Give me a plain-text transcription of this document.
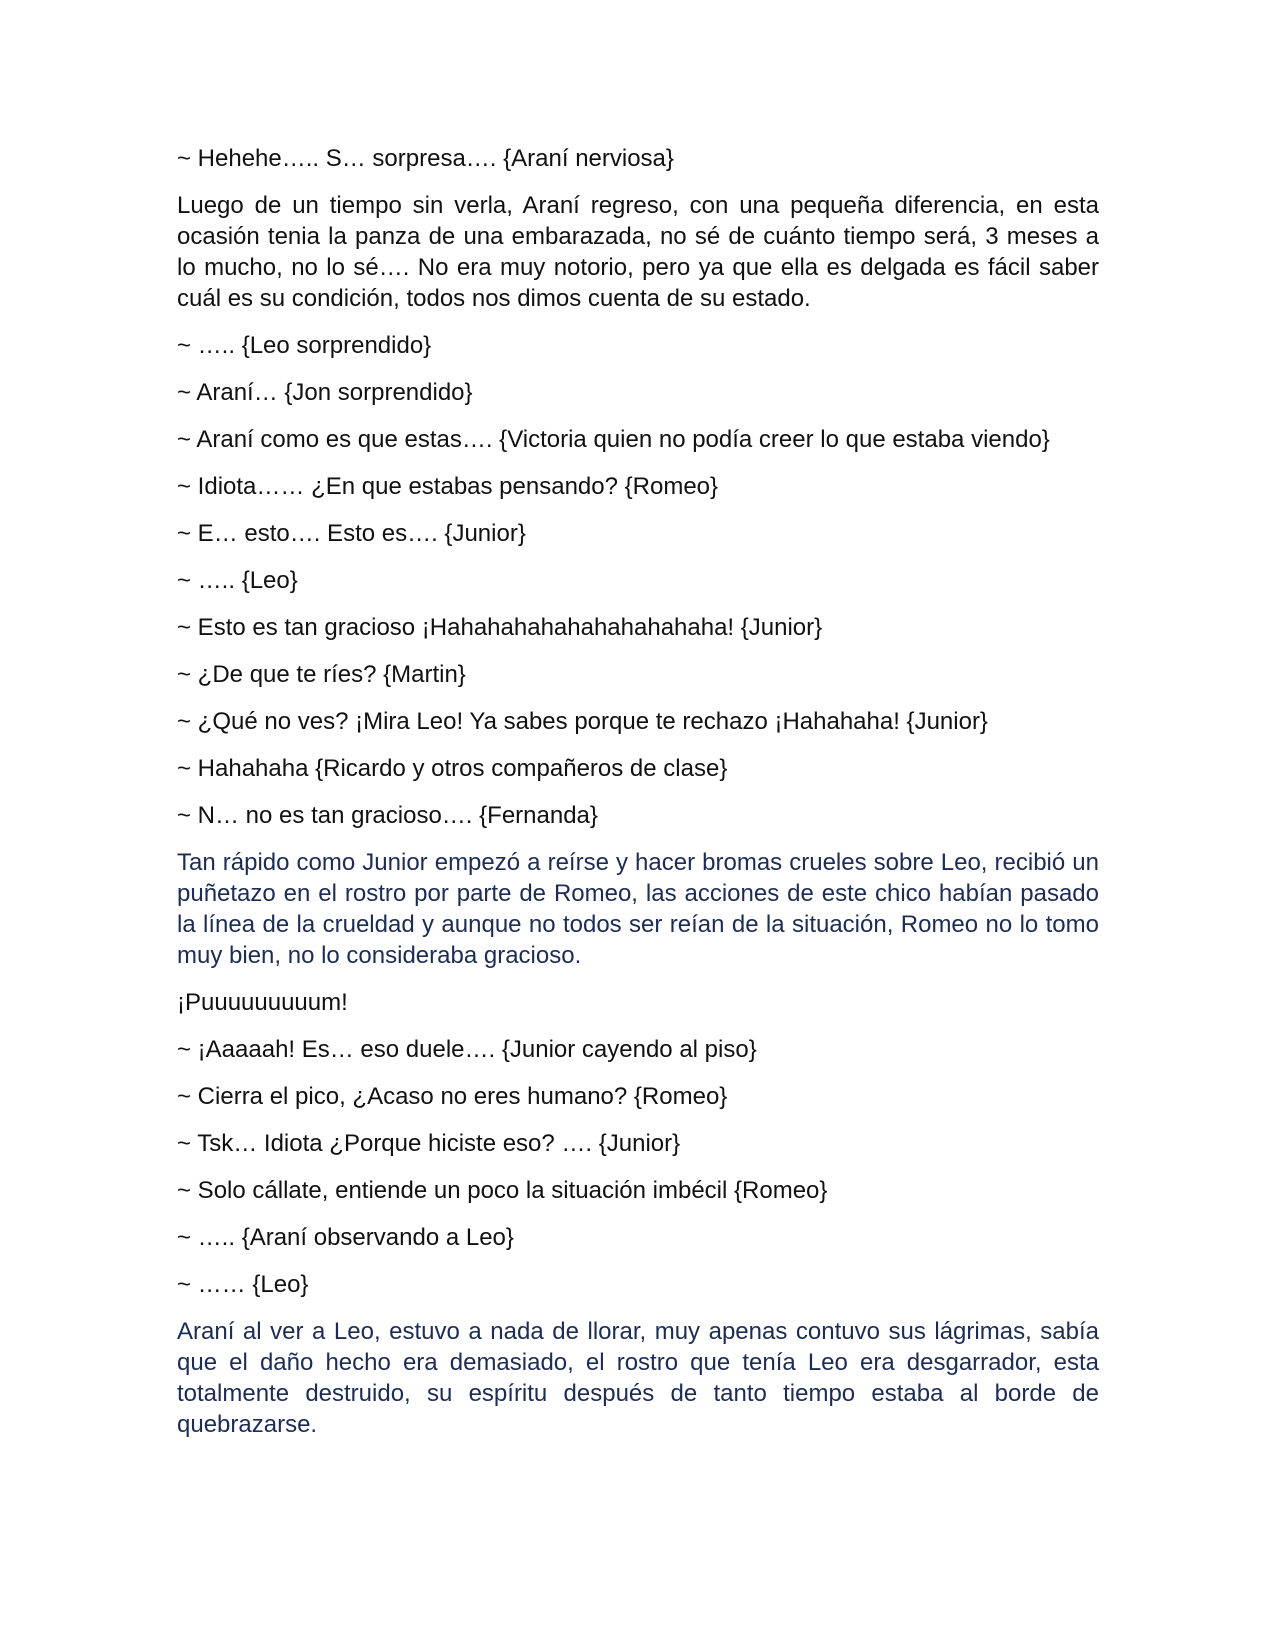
~ Hehehe….. S… sorpresa…. {Araní nerviosa}

Luego de un tiempo sin verla, Araní regreso, con una pequeña diferencia, en esta ocasión tenia la panza de una embarazada, no sé de cuánto tiempo será, 3 meses a lo mucho, no lo sé…. No era muy notorio, pero ya que ella es delgada es fácil saber cuál es su condición, todos nos dimos cuenta de su estado.

~ ….. {Leo sorprendido}

~ Araní… {Jon sorprendido}

~ Araní como es que estas…. {Victoria quien no podía creer lo que estaba viendo}

~ Idiota…… ¿En que estabas pensando? {Romeo}

~ E… esto…. Esto es…. {Junior}

~ ….. {Leo}

~ Esto es tan gracioso ¡Hahahahahahahahahahaha! {Junior}

~ ¿De que te ríes? {Martin}

~ ¿Qué no ves? ¡Mira Leo! Ya sabes porque te rechazo ¡Hahahaha! {Junior}

~ Hahahaha {Ricardo y otros compañeros de clase}

~ N… no es tan gracioso…. {Fernanda}

Tan rápido como Junior empezó a reírse y hacer bromas crueles sobre Leo, recibió un puñetazo en el rostro por parte de Romeo, las acciones de este chico habían pasado la línea de la crueldad y aunque no todos ser reían de la situación, Romeo no lo tomo muy bien, no lo consideraba gracioso.

¡Puuuuuuuuum!

~ ¡Aaaaah! Es… eso duele…. {Junior cayendo al piso}

~ Cierra el pico, ¿Acaso no eres humano? {Romeo}

~ Tsk… Idiota ¿Porque hiciste eso? …. {Junior}

~ Solo cállate, entiende un poco la situación imbécil {Romeo}

~ ….. {Araní observando a Leo}

~ …… {Leo}

Araní al ver a Leo, estuvo a nada de llorar, muy apenas contuvo sus lágrimas, sabía que el daño hecho era demasiado, el rostro que tenía Leo era desgarrador, esta totalmente destruido, su espíritu después de tanto tiempo estaba al borde de quebrazarse.
